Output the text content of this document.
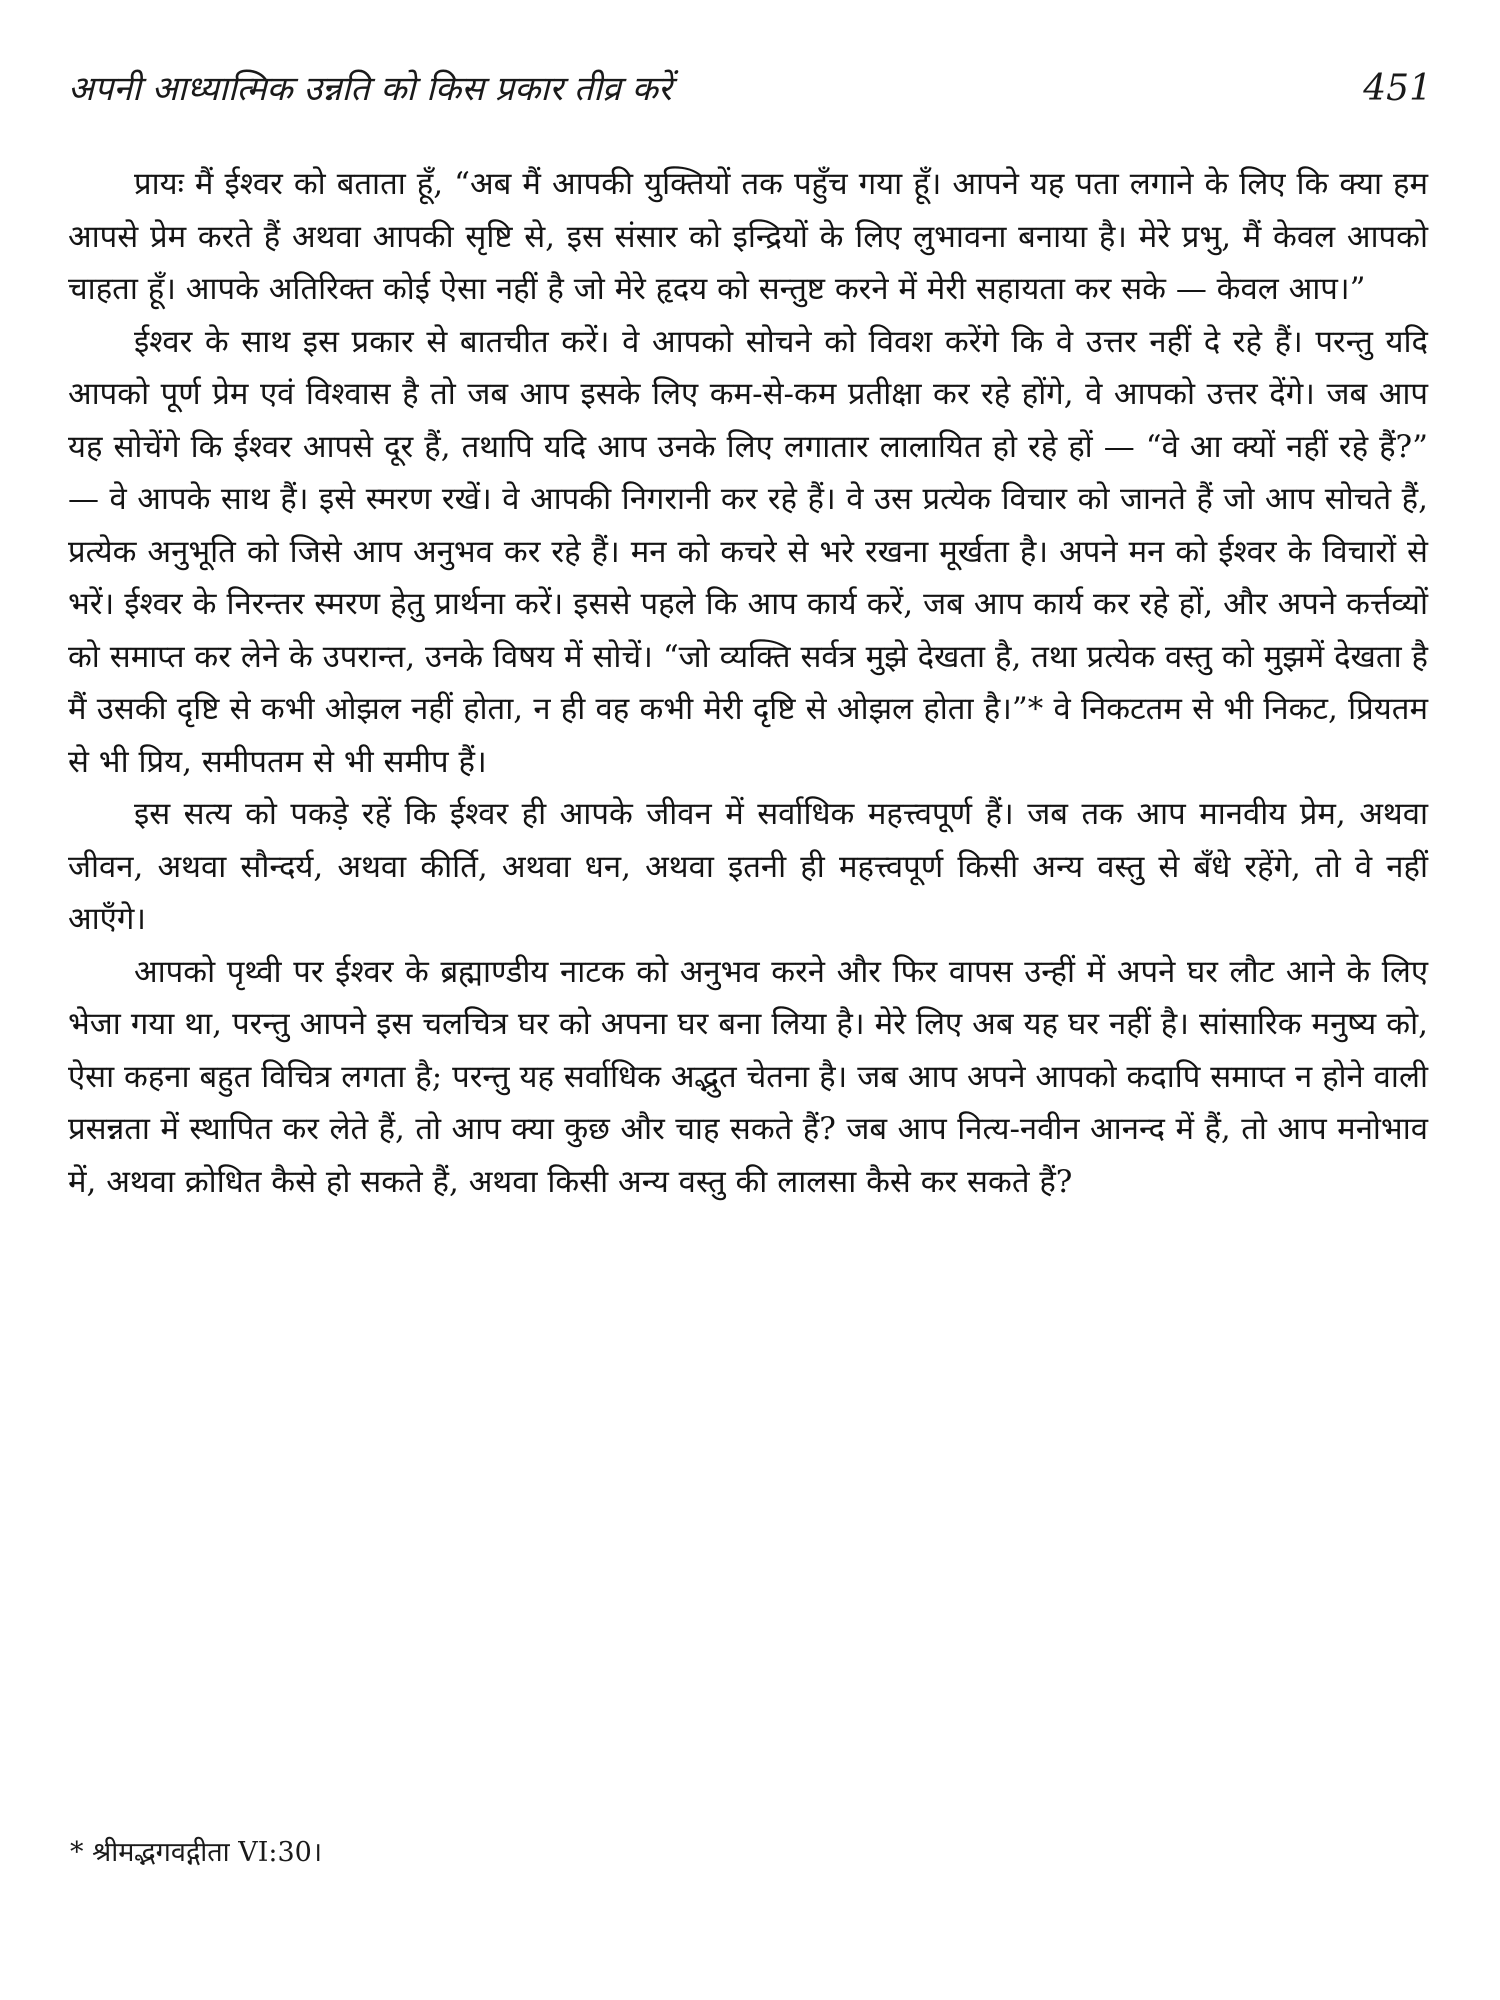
अपनी आध्यात्मिक उन्नति को किस प्रकार तीव्र करें	451

प्रायः मैं ईश्वर को बताता हूँ, “अब मैं आपकी युक्तियों तक पहुँच गया हूँ। आपने यह पता लगाने के लिए कि क्या हम आपसे प्रेम करते हैं अथवा आपकी सृष्टि से, इस संसार को इन्द्रियों के लिए लुभावना बनाया है। मेरे प्रभु, मैं केवल आपको चाहता हूँ। आपके अतिरिक्त कोई ऐसा नहीं है जो मेरे हृदय को सन्तुष्ट करने में मेरी सहायता कर सके — केवल आप।”

ईश्वर के साथ इस प्रकार से बातचीत करें। वे आपको सोचने को विवश करेंगे कि वे उत्तर नहीं दे रहे हैं। परन्तु यदि आपको पूर्ण प्रेम एवं विश्वास है तो जब आप इसके लिए कम-से-कम प्रतीक्षा कर रहे होंगे, वे आपको उत्तर देंगे। जब आप यह सोचेंगे कि ईश्वर आपसे दूर हैं, तथापि यदि आप उनके लिए लगातार लालायित हो रहे हों — “वे आ क्यों नहीं रहे हैं?” — वे आपके साथ हैं। इसे स्मरण रखें। वे आपकी निगरानी कर रहे हैं। वे उस प्रत्येक विचार को जानते हैं जो आप सोचते हैं, प्रत्येक अनुभूति को जिसे आप अनुभव कर रहे हैं। मन को कचरे से भरे रखना मूर्खता है। अपने मन को ईश्वर के विचारों से भरें। ईश्वर के निरन्तर स्मरण हेतु प्रार्थना करें। इससे पहले कि आप कार्य करें, जब आप कार्य कर रहे हों, और अपने कर्त्तव्यों को समाप्त कर लेने के उपरान्त, उनके विषय में सोचें। “जो व्यक्ति सर्वत्र मुझे देखता है, तथा प्रत्येक वस्तु को मुझमें देखता है मैं उसकी दृष्टि से कभी ओझल नहीं होता, न ही वह कभी मेरी दृष्टि से ओझल होता है।”* वे निकटतम से भी निकट, प्रियतम से भी प्रिय, समीपतम से भी समीप हैं।

इस सत्य को पकड़े रहें कि ईश्वर ही आपके जीवन में सर्वाधिक महत्त्वपूर्ण हैं। जब तक आप मानवीय प्रेम, अथवा जीवन, अथवा सौन्दर्य, अथवा कीर्ति, अथवा धन, अथवा इतनी ही महत्त्वपूर्ण किसी अन्य वस्तु से बँधे रहेंगे, तो वे नहीं आएँगे।

आपको पृथ्वी पर ईश्वर के ब्रह्माण्डीय नाटक को अनुभव करने और फिर वापस उन्हीं में अपने घर लौट आने के लिए भेजा गया था, परन्तु आपने इस चलचित्र घर को अपना घर बना लिया है। मेरे लिए अब यह घर नहीं है। सांसारिक मनुष्य को, ऐसा कहना बहुत विचित्र लगता है; परन्तु यह सर्वाधिक अद्भुत चेतना है। जब आप अपने आपको कदापि समाप्त न होने वाली प्रसन्नता में स्थापित कर लेते हैं, तो आप क्या कुछ और चाह सकते हैं? जब आप नित्य-नवीन आनन्द में हैं, तो आप मनोभाव में, अथवा क्रोधित कैसे हो सकते हैं, अथवा किसी अन्य वस्तु की लालसा कैसे कर सकते हैं?

* श्रीमद्भगवद्गीता VI:30।
